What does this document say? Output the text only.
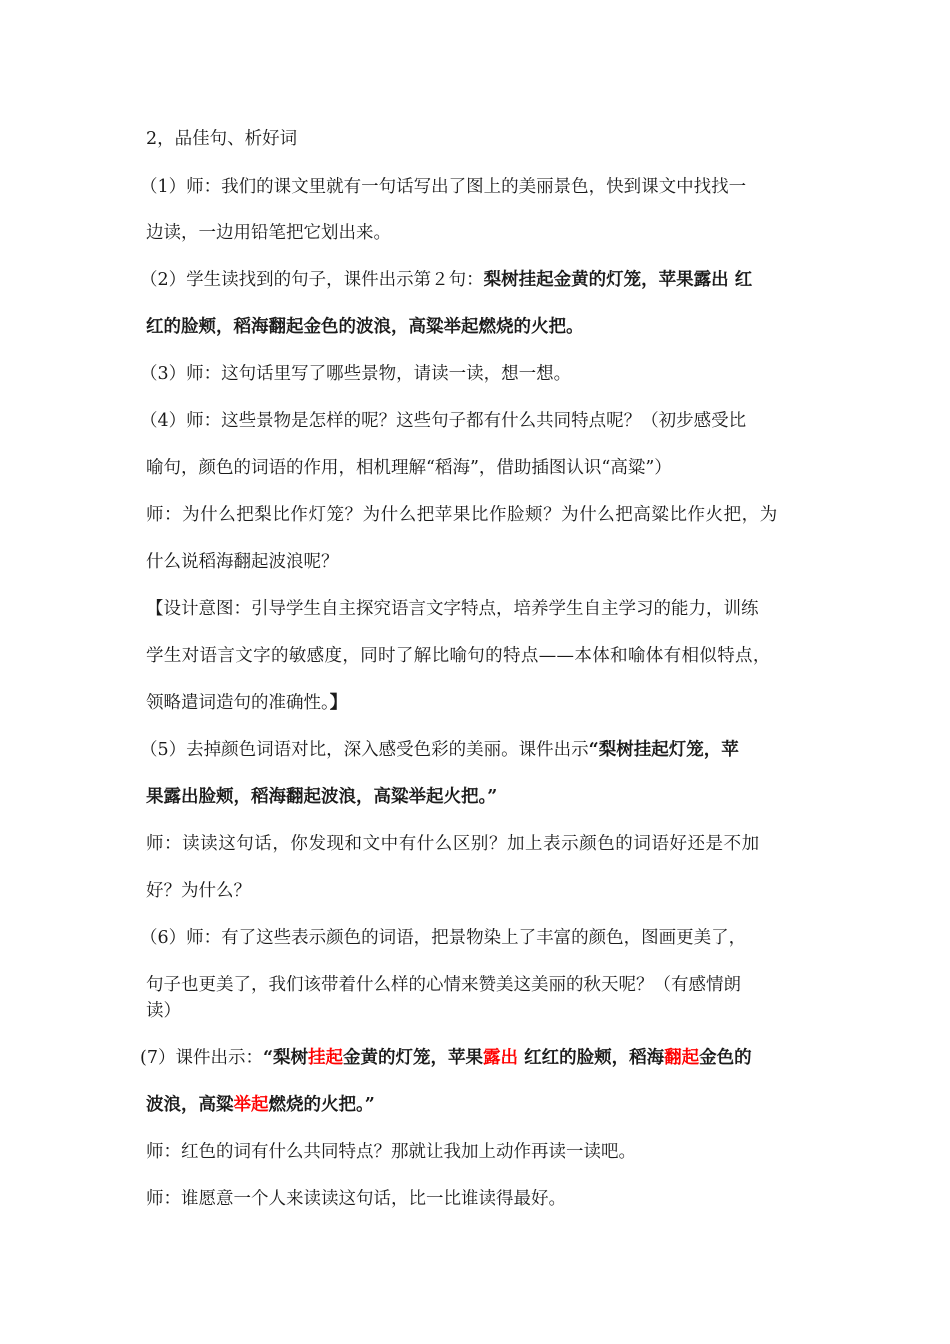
2，品佳句、析好词
（1）师：我们的课文里就有一句话写出了图上的美丽景色，快到课文中找找一
边读，一边用铅笔把它划出来。
（2）学生读找到的句子，课件出示第２句：梨树挂起金黄的灯笼，苹果露出 红
红的脸颊，稻海翻起金色的波浪，高粱举起燃烧的火把。
（3）师：这句话里写了哪些景物，请读一读，想一想。
（4）师：这些景物是怎样的呢？这些句子都有什么共同特点呢？（初步感受比
喻句，颜色的词语的作用，相机理解“稻海”，借助插图认识“高粱”）
师：为什么把梨比作灯笼？为什么把苹果比作脸颊？为什么把高粱比作火把，为
什么说稻海翻起波浪呢？
【设计意图：引导学生自主探究语言文字特点，培养学生自主学习的能力，训练
学生对语言文字的敏感度，同时了解比喻句的特点——本体和喻体有相似特点，
领略遣词造句的准确性。】
（5）去掉颜色词语对比，深入感受色彩的美丽。课件出示“梨树挂起灯笼，苹
果露出脸颊，稻海翻起波浪，高粱举起火把。”
师：读读这句话，你发现和文中有什么区别？加上表示颜色的词语好还是不加
好？为什么？
（6）师：有了这些表示颜色的词语，把景物染上了丰富的颜色，图画更美了，
句子也更美了，我们该带着什么样的心情来赞美这美丽的秋天呢？（有感情朗
读）
(7）课件出示：“梨树挂起金黄的灯笼，苹果露出 红红的脸颊，稻海翻起金色的
波浪，高粱举起燃烧的火把。”
师：红色的词有什么共同特点？那就让我加上动作再读一读吧。
师：谁愿意一个人来读读这句话，比一比谁读得最好。
